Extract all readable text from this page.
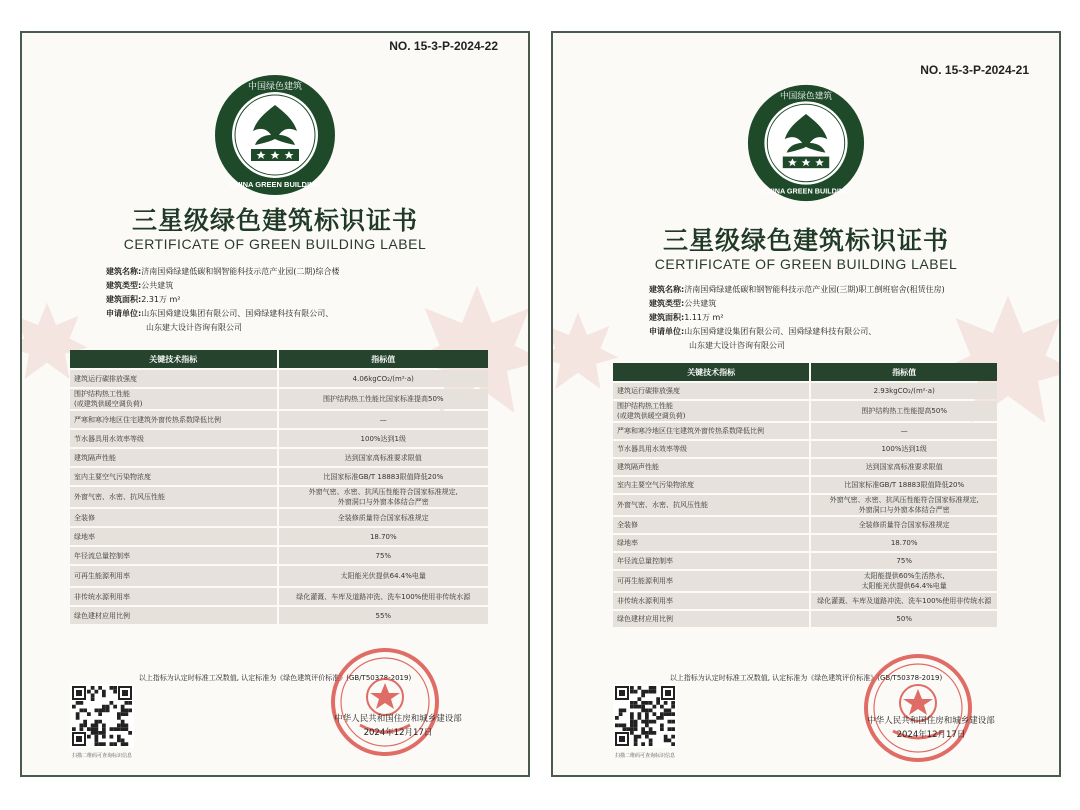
NO. 15-3-P-2024-22
中国绿色建筑
CHINA GREEN BUILDING
三星级绿色建筑标识证书
CERTIFICATE OF GREEN BUILDING LABEL
建筑名称:济南国舜绿建低碳和钢智能科技示范产业园(二期)综合楼
建筑类型:公共建筑
建筑面积:2.31万 m²
申请单位:山东国舜建设集团有限公司、国舜绿建科技有限公司、
山东建大设计咨询有限公司
关键技术指标	指标值
建筑运行碳排放强度	4.06kgCO₂/(m²·a)
围护结构热工性能
(或建筑供暖空调负荷)	围护结构热工性能比国家标准提高50%
严寒和寒冷地区住宅建筑外窗传热系数降低比例	—
节水器具用水效率等级	100%达到1级
建筑隔声性能	达到国家高标准要求限值
室内主要空气污染物浓度	比国家标准GB/T 18883限值降低20%
外窗气密、水密、抗风压性能	外窗气密、水密、抗风压性能符合国家标准规定,
外窗洞口与外窗本体结合严密
全装修	全装修质量符合国家标准规定
绿地率	18.70%
年径流总量控制率	75%
可再生能源利用率	太阳能光伏提供64.4%电量
非传统水源利用率	绿化灌溉、车库及道路冲洗、洗车100%使用非传统水源
绿色建材应用比例	55%
以上指标为认定时标准工况数值, 认定标准为《绿色建筑评价标准》(GB/T50378-2019)
扫描二维码可查询标识信息
中华人民共和国住房和城乡建设部
2024年12月17日
NO. 15-3-P-2024-21
中国绿色建筑
CHINA GREEN BUILDING
三星级绿色建筑标识证书
CERTIFICATE OF GREEN BUILDING LABEL
建筑名称:济南国舜绿建低碳和钢智能科技示范产业园(三期)职工倒班宿舍(租赁住房)
建筑类型:公共建筑
建筑面积:1.11万 m²
申请单位:山东国舜建设集团有限公司、国舜绿建科技有限公司、
山东建大设计咨询有限公司
关键技术指标	指标值
建筑运行碳排放强度	2.93kgCO₂/(m²·a)
围护结构热工性能
(或建筑供暖空调负荷)	围护结构热工性能提高50%
严寒和寒冷地区住宅建筑外窗传热系数降低比例	—
节水器具用水效率等级	100%达到1级
建筑隔声性能	达到国家高标准要求限值
室内主要空气污染物浓度	比国家标准GB/T 18883限值降低20%
外窗气密、水密、抗风压性能	外窗气密、水密、抗风压性能符合国家标准规定,
外窗洞口与外窗本体结合严密
全装修	全装修质量符合国家标准规定
绿地率	18.70%
年径流总量控制率	75%
可再生能源利用率	太阳能提供60%生活热水,
太阳能光伏提供64.4%电量
非传统水源利用率	绿化灌溉、车库及道路冲洗、洗车100%使用非传统水源
绿色建材应用比例	50%
以上指标为认定时标准工况数值, 认定标准为《绿色建筑评价标准》(GB/T50378-2019)
扫描二维码可查询标识信息
中华人民共和国住房和城乡建设部
2024年12月17日
